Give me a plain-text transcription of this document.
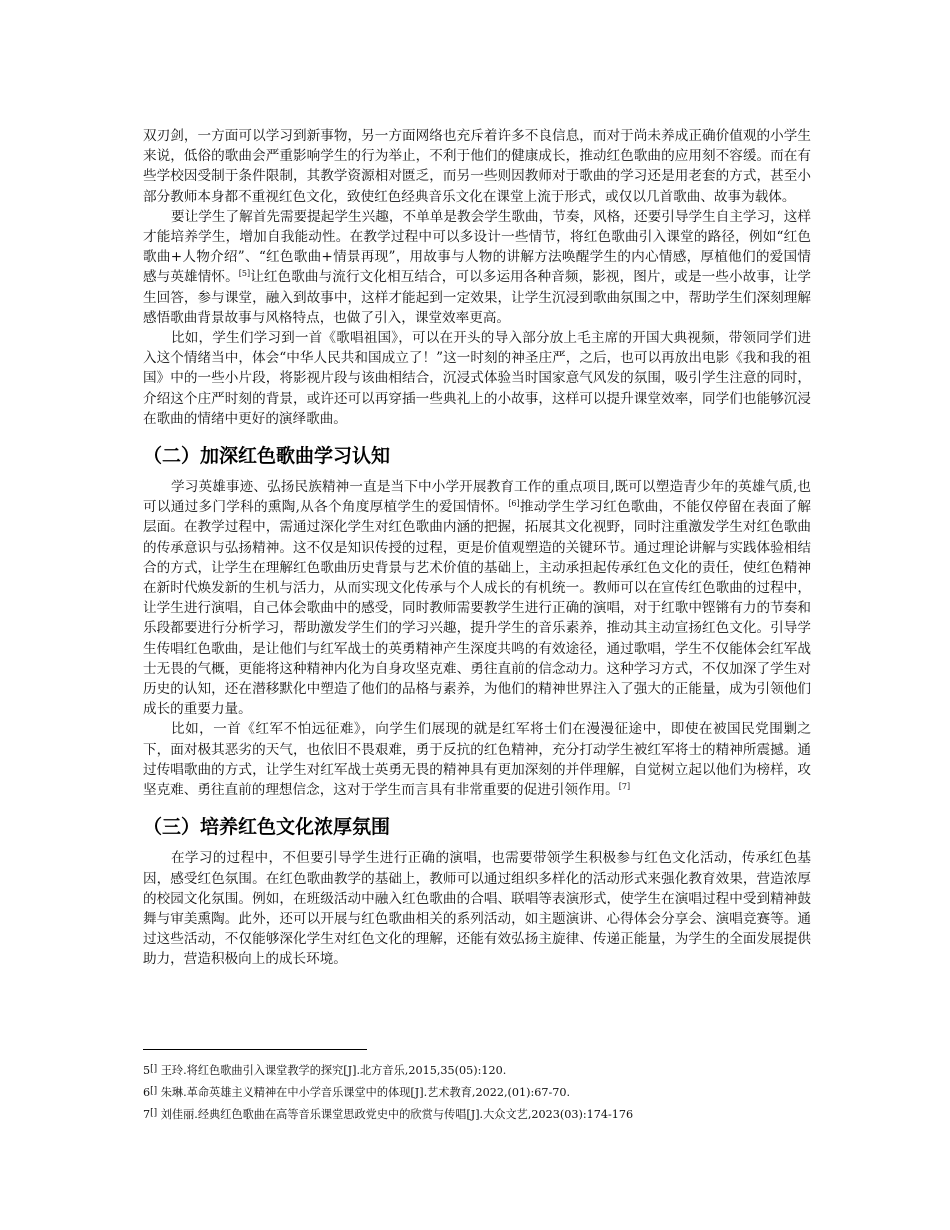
双刃剑，一方面可以学习到新事物，另一方面网络也充斥着许多不良信息，而对于尚未养成正确价值观的小学生来说，低俗的歌曲会严重影响学生的行为举止，不利于他们的健康成长，推动红色歌曲的应用刻不容缓。而在有些学校因受制于条件限制，其教学资源相对匮乏，而另一些则因教师对于歌曲的学习还是用老套的方式，甚至小部分教师本身都不重视红色文化，致使红色经典音乐文化在课堂上流于形式，或仅以几首歌曲、故事为载体。

要让学生了解首先需要提起学生兴趣，不单单是教会学生歌曲，节奏，风格，还要引导学生自主学习，这样才能培养学生，增加自我能动性。在教学过程中可以多设计一些情节，将红色歌曲引入课堂的路径，例如“红色歌曲+人物介绍”、“红色歌曲+情景再现”，用故事与人物的讲解方法唤醒学生的内心情感，厚植他们的爱国情感与英雄情怀。[5]让红色歌曲与流行文化相互结合，可以多运用各种音频，影视，图片，或是一些小故事，让学生回答，参与课堂，融入到故事中，这样才能起到一定效果，让学生沉浸到歌曲氛围之中，帮助学生们深刻理解感悟歌曲背景故事与风格特点，也做了引入，课堂效率更高。

比如，学生们学习到一首《歌唱祖国》，可以在开头的导入部分放上毛主席的开国大典视频，带领同学们进入这个情绪当中，体会“中华人民共和国成立了！”这一时刻的神圣庄严，之后，也可以再放出电影《我和我的祖国》中的一些小片段，将影视片段与该曲相结合，沉浸式体验当时国家意气风发的氛围，吸引学生注意的同时，介绍这个庄严时刻的背景，或许还可以再穿插一些典礼上的小故事，这样可以提升课堂效率，同学们也能够沉浸在歌曲的情绪中更好的演绎歌曲。

（二）加深红色歌曲学习认知

学习英雄事迹、弘扬民族精神一直是当下中小学开展教育工作的重点项目,既可以塑造青少年的英雄气质,也可以通过多门学科的熏陶,从各个角度厚植学生的爱国情怀。[6]推动学生学习红色歌曲，不能仅停留在表面了解层面。在教学过程中，需通过深化学生对红色歌曲内涵的把握，拓展其文化视野，同时注重激发学生对红色歌曲的传承意识与弘扬精神。这不仅是知识传授的过程，更是价值观塑造的关键环节。通过理论讲解与实践体验相结合的方式，让学生在理解红色歌曲历史背景与艺术价值的基础上，主动承担起传承红色文化的责任，使红色精神在新时代焕发新的生机与活力，从而实现文化传承与个人成长的有机统一。教师可以在宣传红色歌曲的过程中，让学生进行演唱，自己体会歌曲中的感受，同时教师需要教学生进行正确的演唱，对于红歌中铿锵有力的节奏和乐段都要进行分析学习，帮助激发学生们的学习兴趣，提升学生的音乐素养，推动其主动宣扬红色文化。引导学生传唱红色歌曲，是让他们与红军战士的英勇精神产生深度共鸣的有效途径，通过歌唱，学生不仅能体会红军战士无畏的气概，更能将这种精神内化为自身攻坚克难、勇往直前的信念动力。这种学习方式，不仅加深了学生对历史的认知，还在潜移默化中塑造了他们的品格与素养，为他们的精神世界注入了强大的正能量，成为引领他们成长的重要力量。

比如，一首《红军不怕远征难》，向学生们展现的就是红军将士们在漫漫征途中，即使在被国民党围剿之下，面对极其恶劣的天气，也依旧不畏艰难，勇于反抗的红色精神，充分打动学生被红军将士的精神所震撼。通过传唱歌曲的方式，让学生对红军战士英勇无畏的精神具有更加深刻的并伴理解，自觉树立起以他们为榜样，攻坚克难、勇往直前的理想信念，这对于学生而言具有非常重要的促进引领作用。[7]

（三）培养红色文化浓厚氛围

在学习的过程中，不但要引导学生进行正确的演唱，也需要带领学生积极参与红色文化活动，传承红色基因，感受红色氛围。在红色歌曲教学的基础上，教师可以通过组织多样化的活动形式来强化教育效果，营造浓厚的校园文化氛围。例如，在班级活动中融入红色歌曲的合唱、联唱等表演形式，使学生在演唱过程中受到精神鼓舞与审美熏陶。此外，还可以开展与红色歌曲相关的系列活动，如主题演讲、心得体会分享会、演唱竞赛等。通过这些活动，不仅能够深化学生对红色文化的理解，还能有效弘扬主旋律、传递正能量，为学生的全面发展提供助力，营造积极向上的成长环境。

5[] 王玲.将红色歌曲引入课堂教学的探究[J].北方音乐,2015,35(05):120.

6[] 朱琳.革命英雄主义精神在中小学音乐课堂中的体现[J].艺术教育,2022,(01):67-70.

7[] 刘佳丽.经典红色歌曲在高等音乐课堂思政党史中的欣赏与传唱[J].大众文艺,2023(03):174-176
